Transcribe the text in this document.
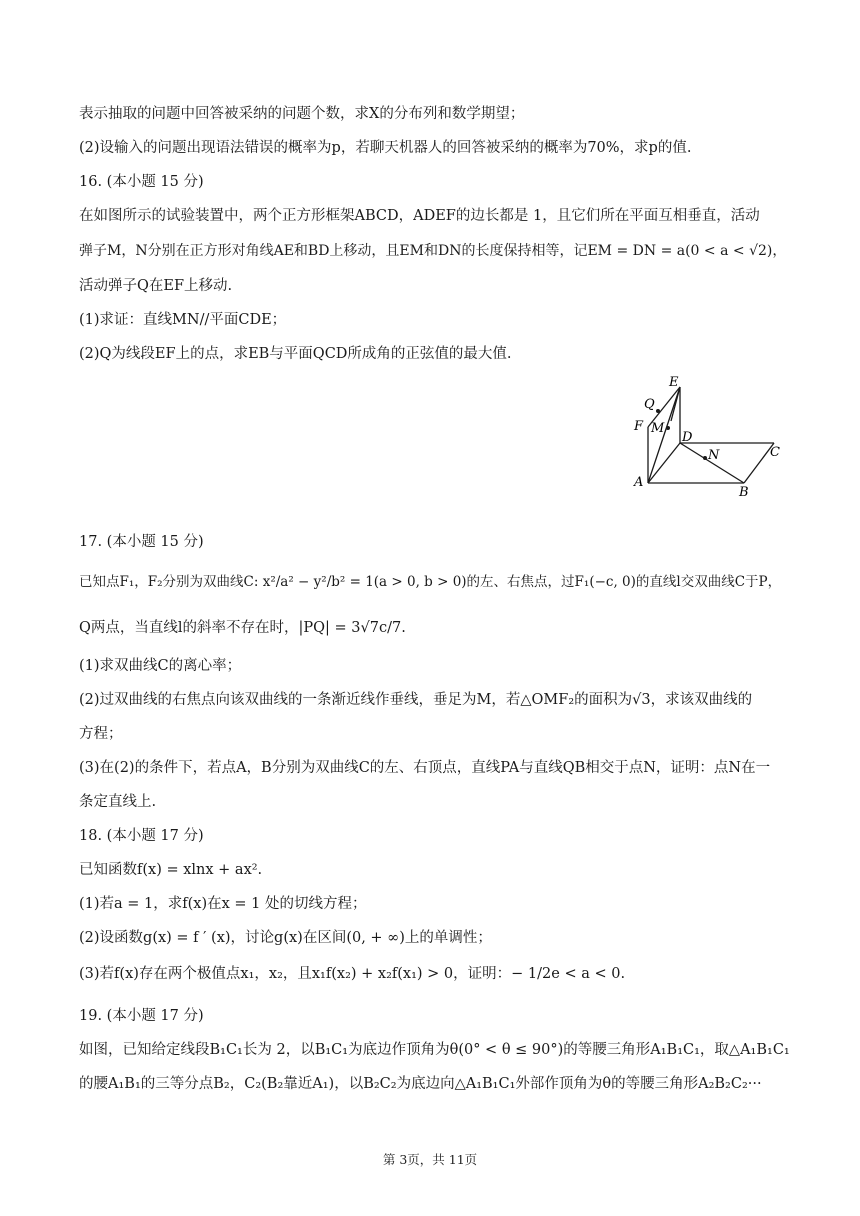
表示抽取的问题中回答被采纳的问题个数，求X的分布列和数学期望；
(2)设输入的问题出现语法错误的概率为p，若聊天机器人的回答被采纳的概率为70%，求p的值.
16. (本小题 15 分)
在如图所示的试验装置中，两个正方形框架ABCD，ADEF的边长都是 1，且它们所在平面互相垂直，活动
弹子M，N分别在正方形对角线AE和BD上移动，且EM和DN的长度保持相等，记EM = DN = a(0 < a < √2)，
活动弹子Q在EF上移动.
(1)求证：直线MN//平面CDE；
(2)Q为线段EF上的点，求EB与平面QCD所成角的正弦值的最大值.
17. (本小题 15 分)
已知点F₁，F₂分别为双曲线C: x²/a² − y²/b² = 1(a > 0, b > 0)的左、右焦点，过F₁(−c, 0)的直线l交双曲线C于P，
Q两点，当直线l的斜率不存在时，|PQ| = 3√7c/7.
(1)求双曲线C的离心率；
(2)过双曲线的右焦点向该双曲线的一条渐近线作垂线，垂足为M，若△OMF₂的面积为√3，求该双曲线的
方程；
(3)在(2)的条件下，若点A，B分别为双曲线C的左、右顶点，直线PA与直线QB相交于点N，证明：点N在一
条定直线上.
18. (本小题 17 分)
已知函数f(x) = xlnx + ax².
(1)若a = 1，求f(x)在x = 1 处的切线方程；
(2)设函数g(x) = f ′ (x)，讨论g(x)在区间(0, + ∞)上的单调性；
(3)若f(x)存在两个极值点x₁，x₂，且x₁f(x₂) + x₂f(x₁) > 0，证明：− 1/2e < a < 0.
19. (本小题 17 分)
如图，已知给定线段B₁C₁长为 2，以B₁C₁为底边作顶角为θ(0° < θ ≤ 90°)的等腰三角形A₁B₁C₁，取△A₁B₁C₁
的腰A₁B₁的三等分点B₂，C₂(B₂靠近A₁)，以B₂C₂为底边向△A₁B₁C₁外部作顶角为θ的等腰三角形A₂B₂C₂···
E
Q
F M
D
N	C
A
B
第 3页，共 11页
